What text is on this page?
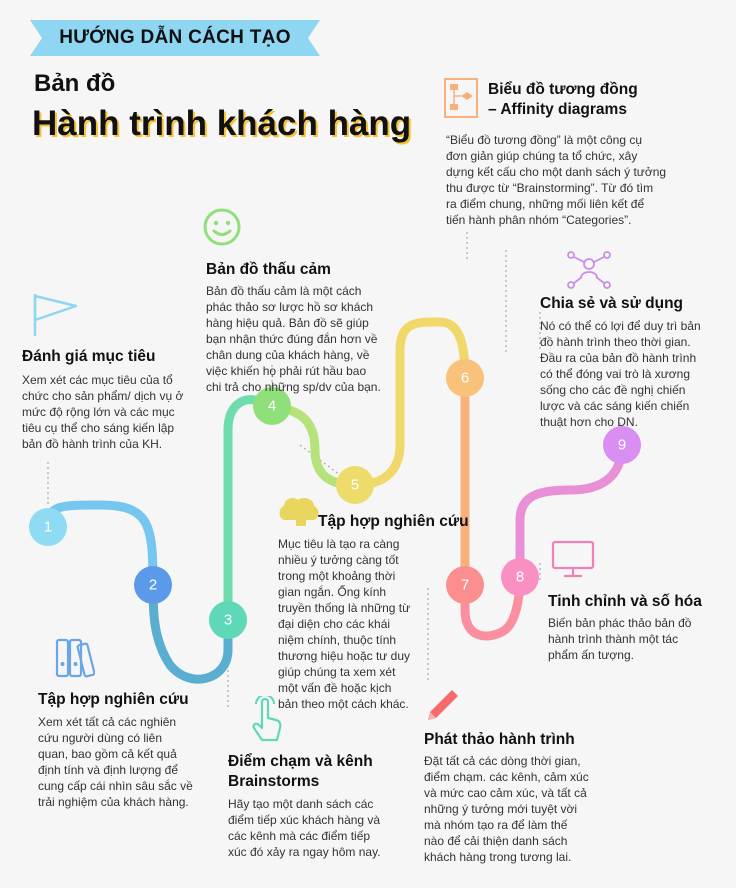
1
2
3
4
5
6
7	8
9
HƯỚNG DẪN CÁCH TẠO
Bản đồ
Hành trình khách hàng
Đánh giá mục tiêu
Xem xét các mục tiêu của tổ
chức cho sản phẩm/ dịch vụ ở
mức độ rộng lớn và các mục
tiêu cụ thể cho sáng kiến lập
bản đồ hành trình của KH.
Tập hợp nghiên cứu
Xem xét tất cả các nghiên
cứu người dùng có liên
quan, bao gồm cả kết quả
định tính và định lượng để
cung cấp cái nhìn sâu sắc về
trải nghiệm của khách hàng.
Điểm chạm và kênh
Brainstorms
Hãy tạo một danh sách các
điểm tiếp xúc khách hàng và
các kênh mà các điểm tiếp
xúc đó xảy ra ngay hôm nay.
Bản đồ thấu cảm
Bản đồ thấu cảm là một cách
phác thảo sơ lược hồ sơ khách
hàng hiệu quả. Bản đồ sẽ giúp
bạn nhận thức đúng đắn hơn về
chân dung của khách hàng, về
việc khiến họ phải rút hầu bao
chi trả cho những sp/dv của bạn.
Tập hợp nghiên cứu
Mục tiêu là tạo ra càng
nhiều ý tưởng càng tốt
trong một khoảng thời
gian ngắn. Ống kính
truyền thống là những từ
đại diện cho các khái
niệm chính, thuộc tính
thương hiệu hoặc tư duy
giúp chúng ta xem xét
một vấn đề hoặc kịch
bản theo một cách khác.
Biểu đồ tương đồng
– Affinity diagrams
“Biểu đồ tương đồng” là một công cụ
đơn giản giúp chúng ta tổ chức, xây
dựng kết cấu cho một danh sách ý tưởng
thu được từ “Brainstorming”. Từ đó tìm
ra điểm chung, những mối liên kết để
tiến hành phân nhóm “Categories”.
Chia sẻ và sử dụng
Nó có thể có lợi để duy trì bản
đồ hành trình theo thời gian.
Đầu ra của bản đồ hành trình
có thể đóng vai trò là xương
sống cho các đề nghị chiến
lược và các sáng kiến chiến
thuật hơn cho DN.
Phát thảo hành trình
Đặt tất cả các dòng thời gian,
điểm chạm. các kênh, cảm xúc
và mức cao cảm xúc, và tất cả
những ý tưởng mới tuyệt vời
mà nhóm tạo ra để làm thế
nào để cải thiện danh sách
khách hàng trong tương lai.
Tinh chỉnh và số hóa
Biến bản phác thảo bản đồ
hành trình thành một tác
phẩm ấn tượng.
